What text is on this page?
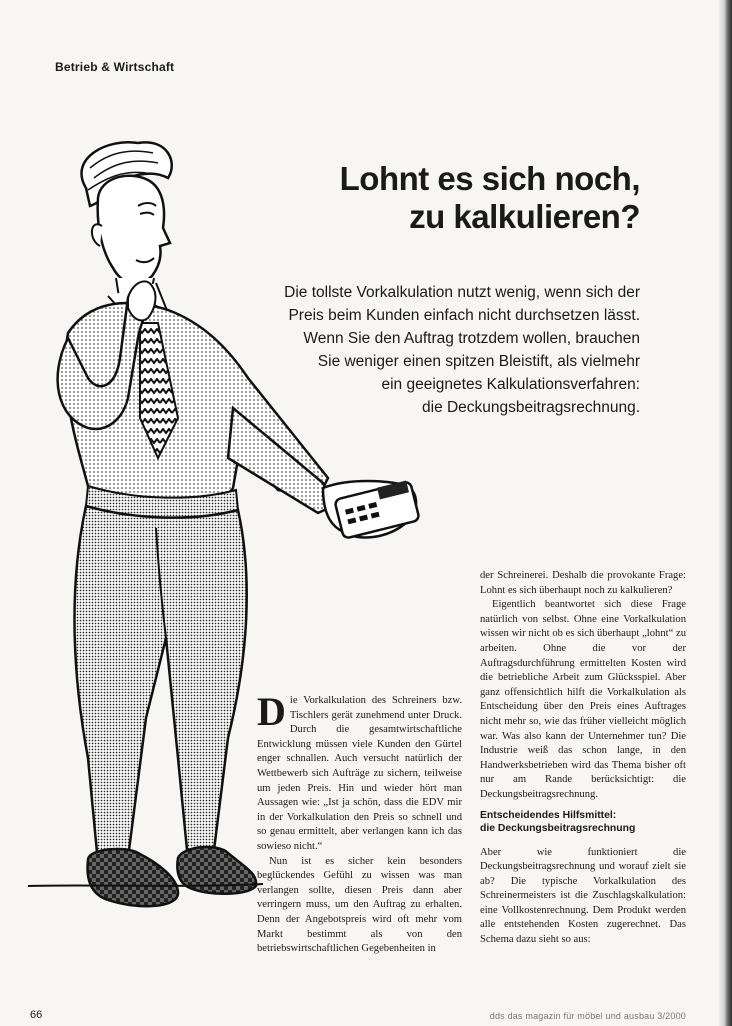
Betrieb & Wirtschaft
Lohnt es sich noch,
zu kalkulieren?
Die tollste Vorkalkulation nutzt wenig, wenn sich der
Preis beim Kunden einfach nicht durchsetzen lässt.
Wenn Sie den Auftrag trotzdem wollen, brauchen
Sie weniger einen spitzen Bleistift, als vielmehr
ein geeignetes Kalkulationsverfahren:
die Deckungsbeitragsrechnung.

Die Vorkalkulation des Schreiners bzw. Tischlers gerät zunehmend unter Druck. Durch die gesamtwirtschaftliche Entwicklung müssen viele Kunden den Gürtel enger schnallen. Auch versucht natürlich der Wettbewerb sich Aufträge zu sichern, teilweise um jeden Preis. Hin und wieder hört man Aussagen wie: „Ist ja schön, dass die EDV mir in der Vorkalkulation den Preis so schnell und so genau ermittelt, aber verlangen kann ich das sowieso nicht.“

Nun ist es sicher kein besonders beglückendes Gefühl zu wissen was man verlangen sollte, diesen Preis dann aber verringern muss, um den Auftrag zu erhalten. Denn der Angebotspreis wird oft mehr vom Markt bestimmt als von den betriebswirtschaftlichen Gegebenheiten in

der Schreinerei. Deshalb die provokante Frage: Lohnt es sich überhaupt noch zu kalkulieren?

Eigentlich beantwortet sich diese Frage natürlich von selbst. Ohne eine Vorkalkulation wissen wir nicht ob es sich überhaupt „lohnt“ zu arbeiten. Ohne die vor der Auftragsdurchführung ermittelten Kosten wird die betriebliche Arbeit zum Glücksspiel. Aber ganz offensichtlich hilft die Vorkalkulation als Entscheidung über den Preis eines Auftrages nicht mehr so, wie das früher vielleicht möglich war. Was also kann der Unternehmer tun? Die Industrie weiß das schon lange, in den Handwerksbetrieben wird das Thema bisher oft nur am Rande berücksichtigt: die Deckungsbeitragsrechnung.

Entscheidendes Hilfsmittel:
die Deckungsbeitragsrechnung

Aber wie funktioniert die Deckungsbeitragsrechnung und worauf zielt sie ab? Die typische Vorkalkulation des Schreinermeisters ist die Zuschlagskalkulation: eine Vollkostenrechnung. Dem Produkt werden alle entstehenden Kosten zugerechnet. Das Schema dazu sieht so aus:

66	dds das magazin für möbel und ausbau 3/2000
